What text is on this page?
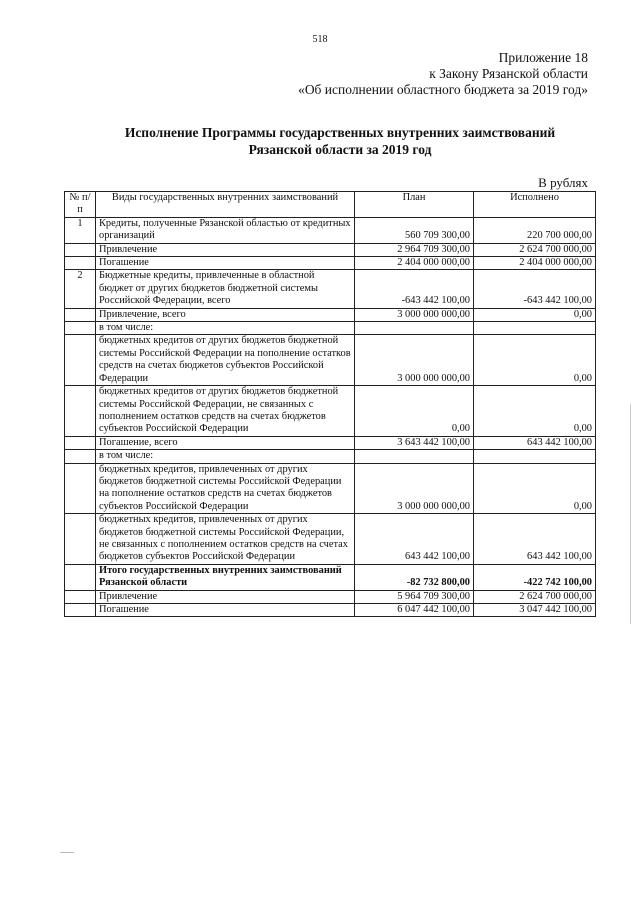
518
Приложение 18
к Закону Рязанской области
«Об исполнении областного бюджета за 2019 год»
Исполнение Программы государственных внутренних заимствований
Рязанской области за 2019 год
В рублях
№ п/п	Виды государственных внутренних заимствований	План	Исполнено
1	Кредиты, полученные Рязанской областью от кредитных организаций	560 709 300,00	220 700 000,00
	Привлечение	2 964 709 300,00	2 624 700 000,00
	Погашение	2 404 000 000,00	2 404 000 000,00
2	Бюджетные кредиты, привлеченные в областной бюджет от других бюджетов бюджетной системы Российской Федерации, всего	-643 442 100,00	-643 442 100,00
	Привлечение, всего	3 000 000 000,00	0,00
	в том числе:		
	бюджетных кредитов от других бюджетов бюджетной системы Российской Федерации на пополнение остатков средств на счетах бюджетов субъектов Российской Федерации	3 000 000 000,00	0,00
	бюджетных кредитов от других бюджетов бюджетной системы Российской Федерации, не связанных с пополнением остатков средств на счетах бюджетов субъектов Российской Федерации	0,00	0,00
	Погашение, всего	3 643 442 100,00	643 442 100,00
	в том числе:		
	бюджетных кредитов, привлеченных от других бюджетов бюджетной системы Российской Федерации на пополнение остатков средств на счетах бюджетов субъектов Российской Федерации	3 000 000 000,00	0,00
	бюджетных кредитов, привлеченных от других бюджетов бюджетной системы Российской Федерации, не связанных с пополнением остатков средств на счетах бюджетов субъектов Российской Федерации	643 442 100,00	643 442 100,00
	Итого государственных внутренних заимствований Рязанской области	-82 732 800,00	-422 742 100,00
	Привлечение	5 964 709 300,00	2 624 700 000,00
	Погашение	6 047 442 100,00	3 047 442 100,00
